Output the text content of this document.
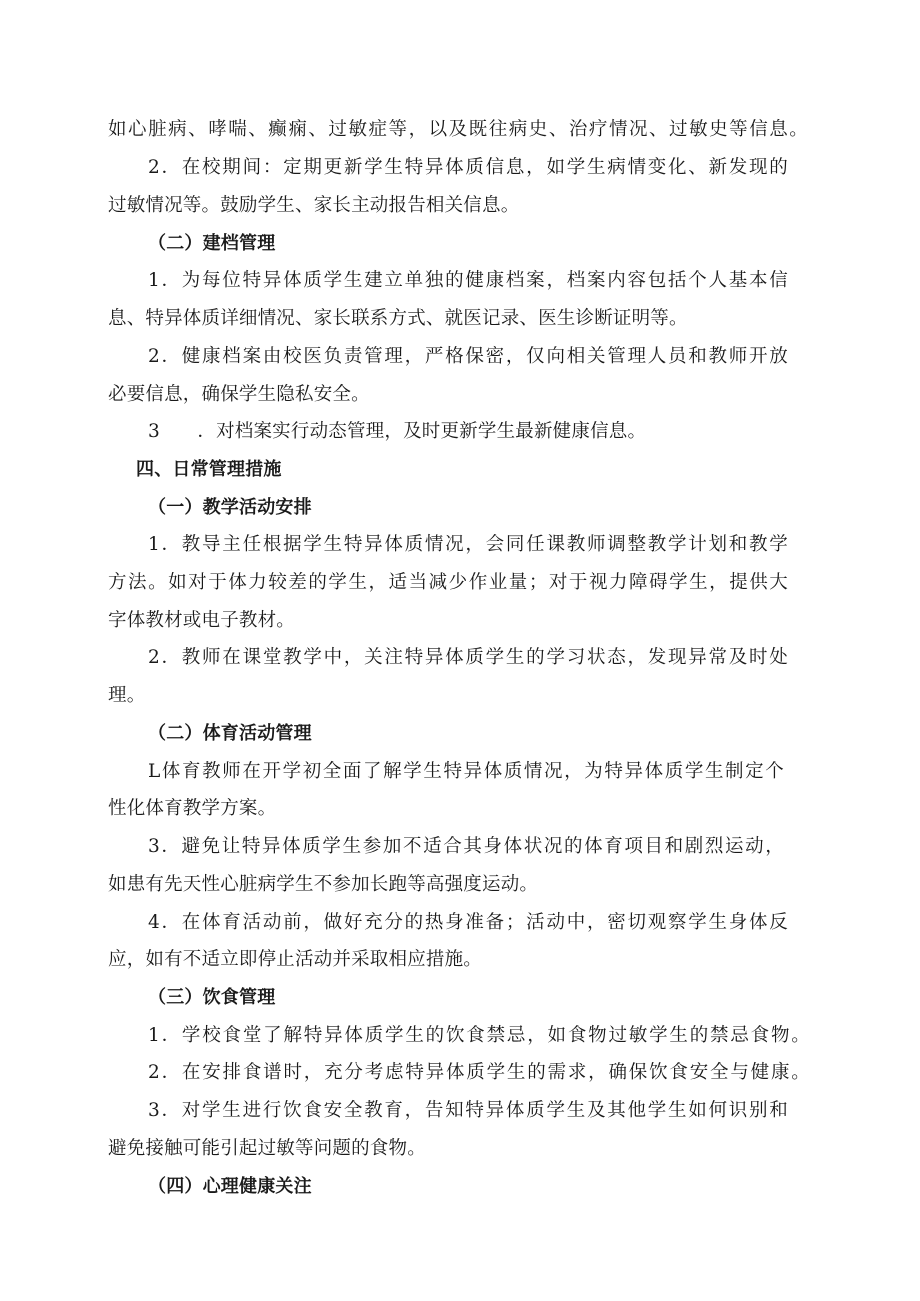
如心脏病、哮喘、癫痫、过敏症等，以及既往病史、治疗情况、过敏史等信息。
2．在校期间：定期更新学生特异体质信息，如学生病情变化、新发现的
过敏情况等。鼓励学生、家长主动报告相关信息。
（二）建档管理
1．为每位特异体质学生建立单独的健康档案，档案内容包括个人基本信
息、特异体质详细情况、家长联系方式、就医记录、医生诊断证明等。
2．健康档案由校医负责管理，严格保密，仅向相关管理人员和教师开放
必要信息，确保学生隐私安全。
3　　．对档案实行动态管理，及时更新学生最新健康信息。
四、日常管理措施
（一）教学活动安排
1．教导主任根据学生特异体质情况，会同任课教师调整教学计划和教学
方法。如对于体力较差的学生，适当减少作业量；对于视力障碍学生，提供大
字体教材或电子教材。
2．教师在课堂教学中，关注特异体质学生的学习状态，发现异常及时处
理。
（二）体育活动管理
L体育教师在开学初全面了解学生特异体质情况，为特异体质学生制定个
性化体育教学方案。
3．避免让特异体质学生参加不适合其身体状况的体育项目和剧烈运动，
如患有先天性心脏病学生不参加长跑等高强度运动。
4．在体育活动前，做好充分的热身准备；活动中，密切观察学生身体反
应，如有不适立即停止活动并采取相应措施。
（三）饮食管理
1．学校食堂了解特异体质学生的饮食禁忌，如食物过敏学生的禁忌食物。
2．在安排食谱时，充分考虑特异体质学生的需求，确保饮食安全与健康。
3．对学生进行饮食安全教育，告知特异体质学生及其他学生如何识别和
避免接触可能引起过敏等问题的食物。
（四）心理健康关注
